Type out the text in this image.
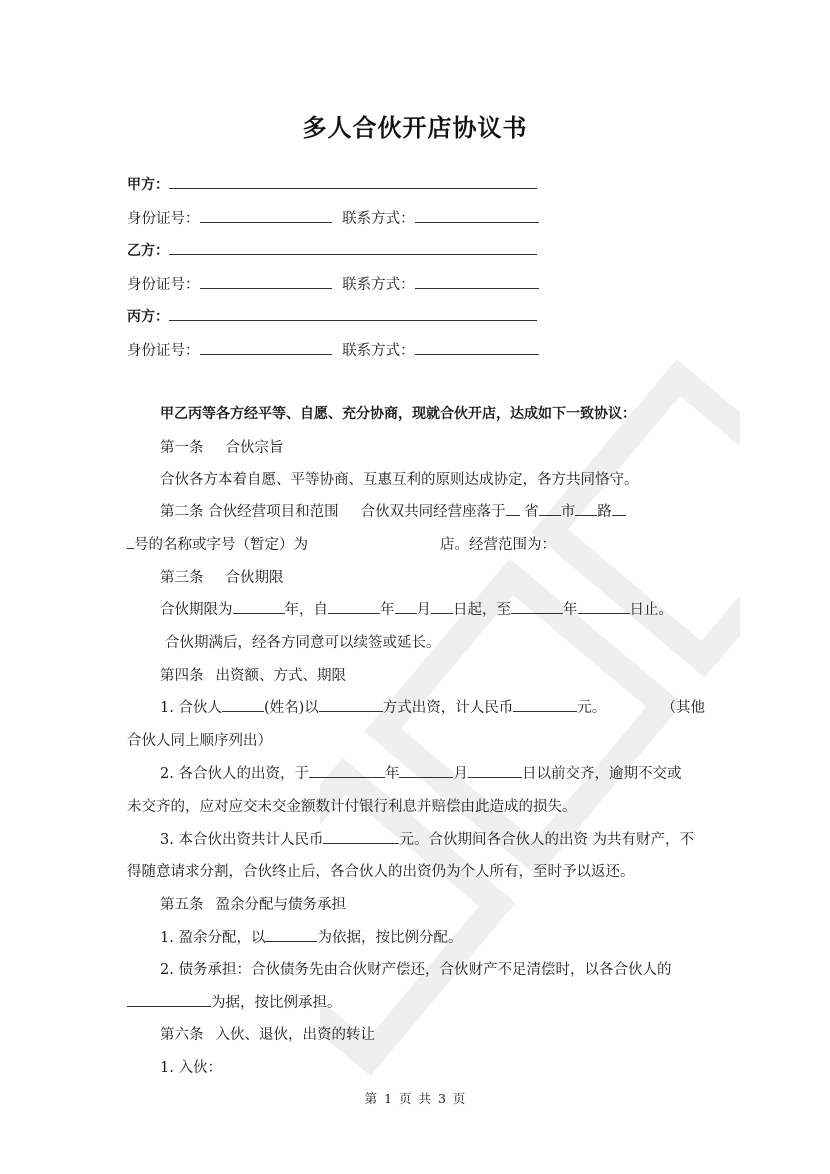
多人合伙开店协议书
甲方：
身份证号：	联系方式：
乙方：
身份证号：	联系方式：
丙方：
身份证号：	联系方式：
甲乙丙等各方经平等、自愿、充分协商，现就合伙开店，达成如下一致协议：
第一条 合伙宗旨
合伙各方本着自愿、平等协商、互惠互利的原则达成协定，各方共同恪守。
第二条 合伙经营项目和范围 合伙双共同经营座落于 省 市 路
号的名称或字号（暂定）为	店。经营范围为：
第三条 合伙期限
合伙期限为	年，自	年 月 日起，至	年	日止。
合伙期满后，经各方同意可以续签或延长。
第四条 出资额、方式、期限
1. 合伙人	(姓名)以	方式出资，计人民币	元。	（其他
合伙人同上顺序列出）
2. 各合伙人的出资，于	年	月	日以前交齐，逾期不交或
未交齐的，应对应交未交金额数计付银行利息并赔偿由此造成的损失。
3. 本合伙出资共计人民币	元。合伙期间各合伙人的出资 为共有财产，不
得随意请求分割，合伙终止后，各合伙人的出资仍为个人所有，至时予以返还。
第五条 盈余分配与债务承担
1. 盈余分配，以	为依据，按比例分配。
2. 债务承担：合伙债务先由合伙财产偿还，合伙财产不足清偿时，以各合伙人的
为据，按比例承担。
第六条 入伙、退伙，出资的转让
1. 入伙：
第 1 页 共 3 页
